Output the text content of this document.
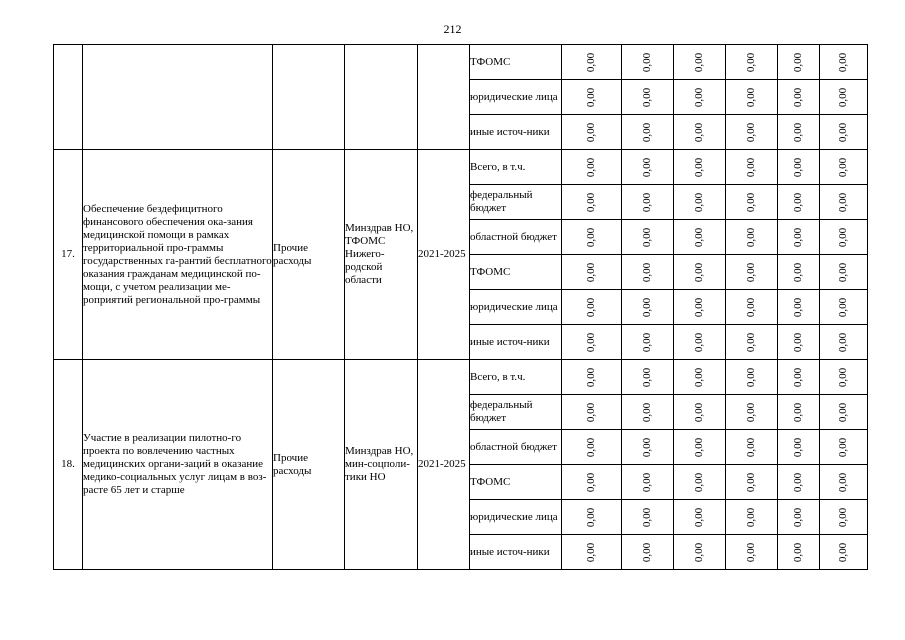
212
					ТФОМС	0,00	0,00	0,00	0,00	0,00	0,00
					юридические лица	0,00	0,00	0,00	0,00	0,00	0,00
					иные источ-ники	0,00	0,00	0,00	0,00	0,00	0,00
17.	Обеспечение бездефицитного финансового обеспечения ока-зания медицинской помощи в рамках территориальной про-граммы государственных га-рантий бесплатного оказания гражданам медицинской по-мощи, с учетом реализации ме-роприятий региональной про-граммы	Прочие расходы	Минздрав НО, ТФОМС Нижего-родской области	2021-2025	Всего, в т.ч.	0,00	0,00	0,00	0,00	0,00	0,00
					федеральный бюджет	0,00	0,00	0,00	0,00	0,00	0,00
					областной бюджет	0,00	0,00	0,00	0,00	0,00	0,00
					ТФОМС	0,00	0,00	0,00	0,00	0,00	0,00
					юридические лица	0,00	0,00	0,00	0,00	0,00	0,00
					иные источ-ники	0,00	0,00	0,00	0,00	0,00	0,00
18.	Участие в реализации пилотно-го проекта по вовлечению частных медицинских органи-заций в оказание медико-социальных услуг лицам в воз-расте 65 лет и старше	Прочие расходы	Минздрав НО, мин-соцполи-тики НО	2021-2025	Всего, в т.ч.	0,00	0,00	0,00	0,00	0,00	0,00
					федеральный бюджет	0,00	0,00	0,00	0,00	0,00	0,00
					областной бюджет	0,00	0,00	0,00	0,00	0,00	0,00
					ТФОМС	0,00	0,00	0,00	0,00	0,00	0,00
					юридические лица	0,00	0,00	0,00	0,00	0,00	0,00
					иные источ-ники	0,00	0,00	0,00	0,00	0,00	0,00
